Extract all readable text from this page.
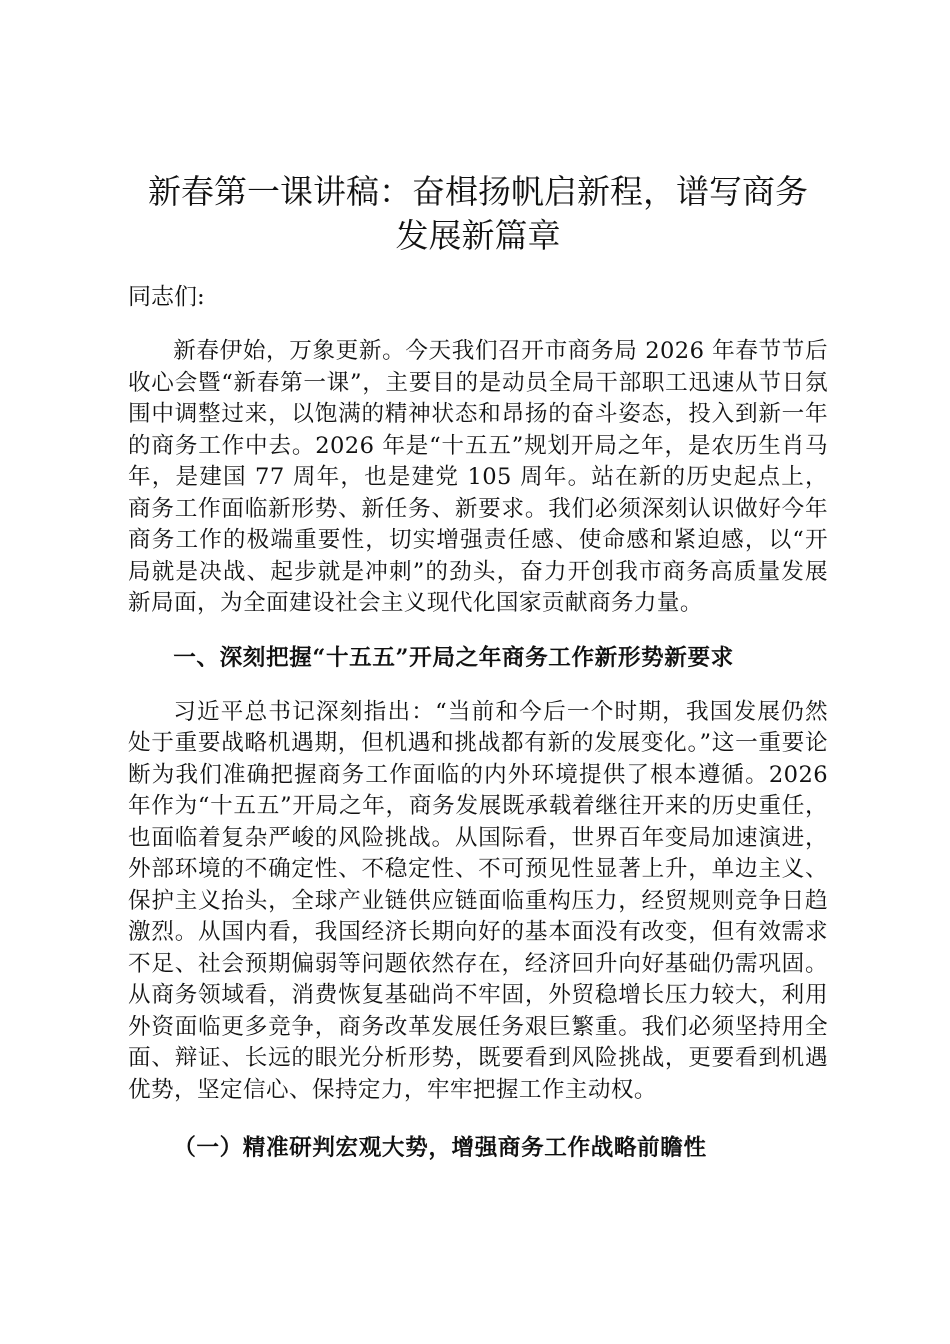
新春第一课讲稿：奋楫扬帆启新程，谱写商务
发展新篇章

同志们:

新春伊始，万象更新。今天我们召开市商务局 2026 年春节节后收心会暨“新春第一课”，主要目的是动员全局干部职工迅速从节日氛围中调整过来，以饱满的精神状态和昂扬的奋斗姿态，投入到新一年的商务工作中去。2026 年是“十五五”规划开局之年，是农历生肖马年，是建国 77 周年，也是建党 105 周年。站在新的历史起点上，商务工作面临新形势、新任务、新要求。我们必须深刻认识做好今年商务工作的极端重要性，切实增强责任感、使命感和紧迫感，以“开局就是决战、起步就是冲刺”的劲头，奋力开创我市商务高质量发展新局面，为全面建设社会主义现代化国家贡献商务力量。

一、深刻把握“十五五”开局之年商务工作新形势新要求

习近平总书记深刻指出：“当前和今后一个时期，我国发展仍然处于重要战略机遇期，但机遇和挑战都有新的发展变化。”这一重要论断为我们准确把握商务工作面临的内外环境提供了根本遵循。2026 年作为“十五五”开局之年，商务发展既承载着继往开来的历史重任，也面临着复杂严峻的风险挑战。从国际看，世界百年变局加速演进，外部环境的不确定性、不稳定性、不可预见性显著上升，单边主义、保护主义抬头，全球产业链供应链面临重构压力，经贸规则竞争日趋激烈。从国内看，我国经济长期向好的基本面没有改变，但有效需求不足、社会预期偏弱等问题依然存在，经济回升向好基础仍需巩固。从商务领域看，消费恢复基础尚不牢固，外贸稳增长压力较大，利用外资面临更多竞争，商务改革发展任务艰巨繁重。我们必须坚持用全面、辩证、长远的眼光分析形势，既要看到风险挑战，更要看到机遇优势，坚定信心、保持定力，牢牢把握工作主动权。

（一）精准研判宏观大势，增强商务工作战略前瞻性
